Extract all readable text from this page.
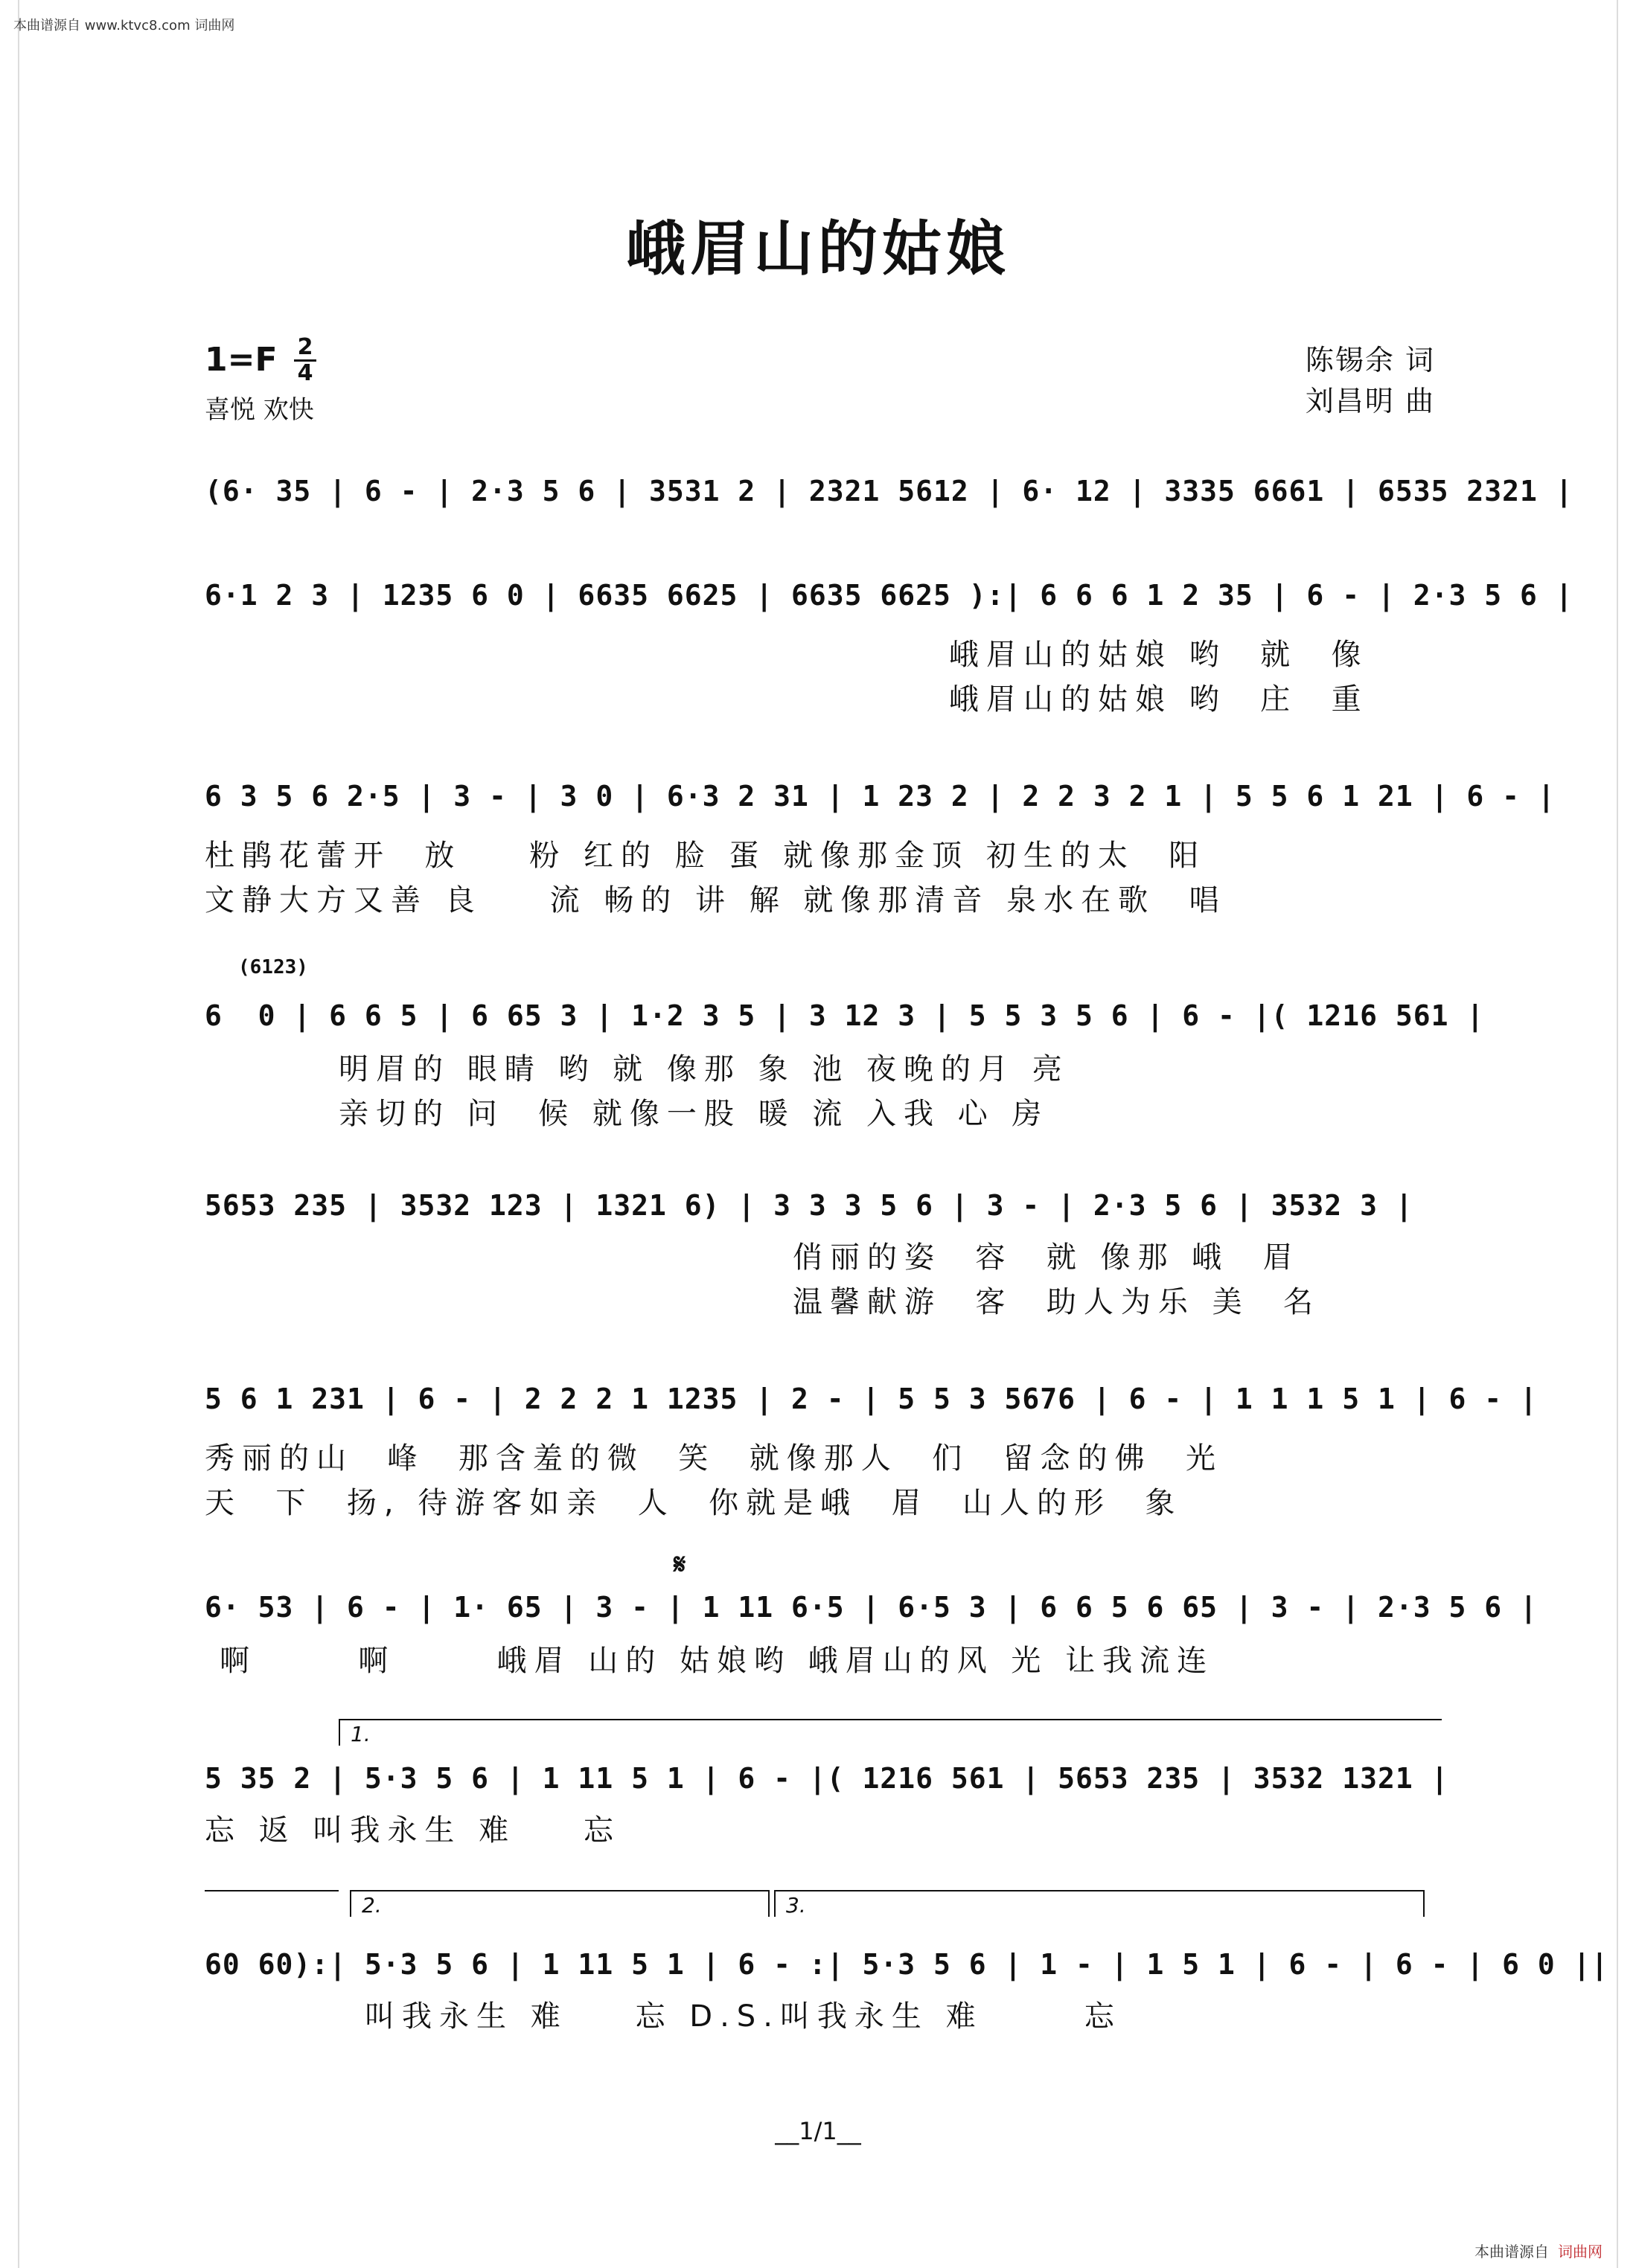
本曲谱源自 www.ktvc8.com 词曲网
峨眉山的姑娘
1=F 2
4
喜悦 欢快
陈锡余 词
刘昌明 曲
(6· 35 | 6 - | 2·3 5 6 | 3531 2 | 2321 5612 | 6· 12 | 3335 6661 | 6535 2321 |
6·1 2 3 | 1235 6 0 | 6635 6625 | 6635 6625 ):| 6 6 6 1 2 35 | 6 - | 2·3 5 6 |
峨眉山的姑娘 哟  就  像
峨眉山的姑娘 哟  庄  重
6 3 5 6 2·5 | 3 - | 3 0 | 6·3 2 31 | 1 23 2 | 2 2 3 2 1 | 5 5 6 1 21 | 6 - |
杜鹃花蕾开  放    粉 红的 脸 蛋 就像那金顶 初生的太  阳
文静大方又善 良    流 畅的 讲 解 就像那清音 泉水在歌  唱
(6123)
6  0 | 6 6 5 | 6 65 3 | 1·2 3 5 | 3 12 3 | 5 5 3 5 6 | 6 - |( 1216 561 |
明眉的 眼睛 哟 就 像那 象 池 夜晚的月 亮
亲切的 问  候 就像一股 暖 流 入我 心 房
5653 235 | 3532 123 | 1321 6) | 3 3 3 5 6 | 3 - | 2·3 5 6 | 3532 3 |
俏丽的姿  容  就 像那 峨  眉
温馨献游  客  助人为乐 美  名
5 6 1 231 | 6 - | 2 2 2 1 1235 | 2 - | 5 5 3 5676 | 6 - | 1 1 1 5 1 | 6 - |
秀丽的山  峰  那含羞的微  笑  就像那人  们  留念的佛  光
天  下  扬, 待游客如亲  人  你就是峨  眉  山人的形  象
𝄋
6· 53 | 6 - | 1· 65 | 3 - | 1 11 6·5 | 6·5 3 | 6 6 5 6 65 | 3 - | 2·3 5 6 |
啊      啊      峨眉 山的 姑娘哟 峨眉山的风 光 让我流连
1.
5 35 2 | 5·3 5 6 | 1 11 5 1 | 6 - |( 1216 561 | 5653 235 | 3532 1321 |
忘 返 叫我永生 难    忘
2.	3.
60 60):| 5·3 5 6 | 1 11 5 1 | 6 - :| 5·3 5 6 | 1 - | 1 5 1 | 6 - | 6 - | 6 0 ||
叫我永生 难    忘 D.S.叫我永生 难      忘
__1/1__
本曲谱源自 词曲网
